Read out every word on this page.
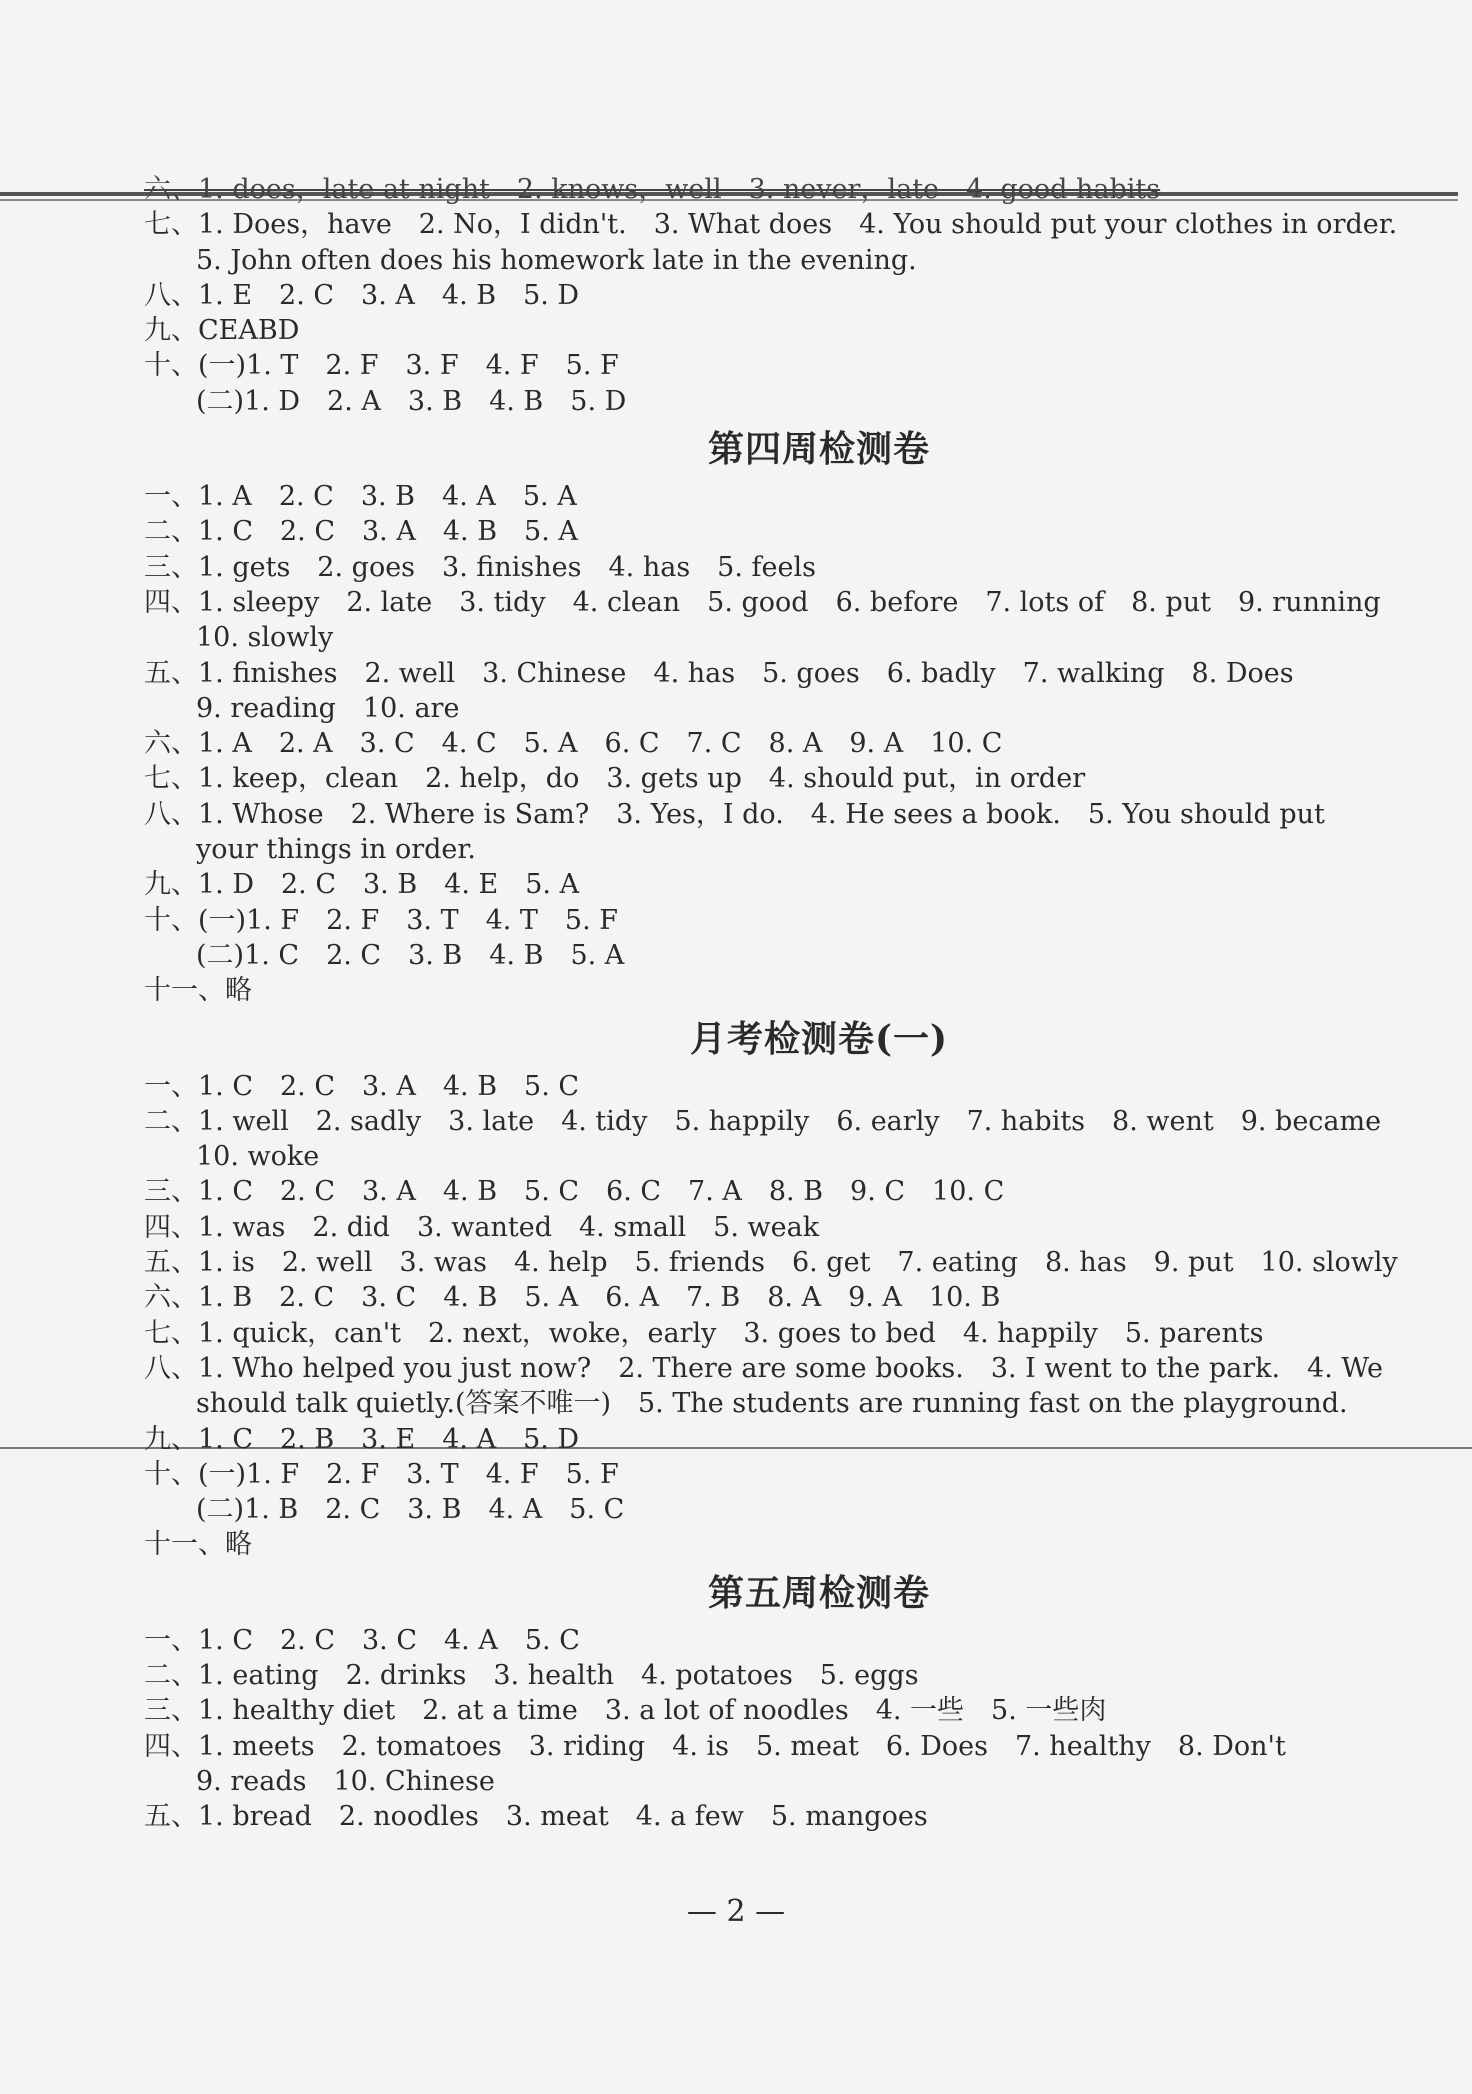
六、1. does，late at night　2. knows，well　3. never，late　4. good habits
七、1. Does，have　2. No，I didn't.　3. What does　4. You should put your clothes in order.
5. John often does his homework late in the evening.
八、1. E　2. C　3. A　4. B　5. D
九、CEABD
十、(一)1. T　2. F　3. F　4. F　5. F
(二)1. D　2. A　3. B　4. B　5. D
第四周检测卷
一、1. A　2. C　3. B　4. A　5. A
二、1. C　2. C　3. A　4. B　5. A
三、1. gets　2. goes　3. finishes　4. has　5. feels
四、1. sleepy　2. late　3. tidy　4. clean　5. good　6. before　7. lots of　8. put　9. running
10. slowly
五、1. finishes　2. well　3. Chinese　4. has　5. goes　6. badly　7. walking　8. Does
9. reading　10. are
六、1. A　2. A　3. C　4. C　5. A　6. C　7. C　8. A　9. A　10. C
七、1. keep，clean　2. help，do　3. gets up　4. should put，in order
八、1. Whose　2. Where is Sam?　3. Yes，I do.　4. He sees a book.　5. You should put
your things in order.
九、1. D　2. C　3. B　4. E　5. A
十、(一)1. F　2. F　3. T　4. T　5. F
(二)1. C　2. C　3. B　4. B　5. A
十一、略
月考检测卷(一)
一、1. C　2. C　3. A　4. B　5. C
二、1. well　2. sadly　3. late　4. tidy　5. happily　6. early　7. habits　8. went　9. became
10. woke
三、1. C　2. C　3. A　4. B　5. C　6. C　7. A　8. B　9. C　10. C
四、1. was　2. did　3. wanted　4. small　5. weak
五、1. is　2. well　3. was　4. help　5. friends　6. get　7. eating　8. has　9. put　10. slowly
六、1. B　2. C　3. C　4. B　5. A　6. A　7. B　8. A　9. A　10. B
七、1. quick，can't　2. next，woke，early　3. goes to bed　4. happily　5. parents
八、1. Who helped you just now?　2. There are some books.　3. I went to the park.　4. We
should talk quietly.(答案不唯一)　5. The students are running fast on the playground.
九、1. C　2. B　3. E　4. A　5. D
十、(一)1. F　2. F　3. T　4. F　5. F
(二)1. B　2. C　3. B　4. A　5. C
十一、略
第五周检测卷
一、1. C　2. C　3. C　4. A　5. C
二、1. eating　2. drinks　3. health　4. potatoes　5. eggs
三、1. healthy diet　2. at a time　3. a lot of noodles　4. 一些　5. 一些肉
四、1. meets　2. tomatoes　3. riding　4. is　5. meat　6. Does　7. healthy　8. Don't
9. reads　10. Chinese
五、1. bread　2. noodles　3. meat　4. a few　5. mangoes
— 2 —
